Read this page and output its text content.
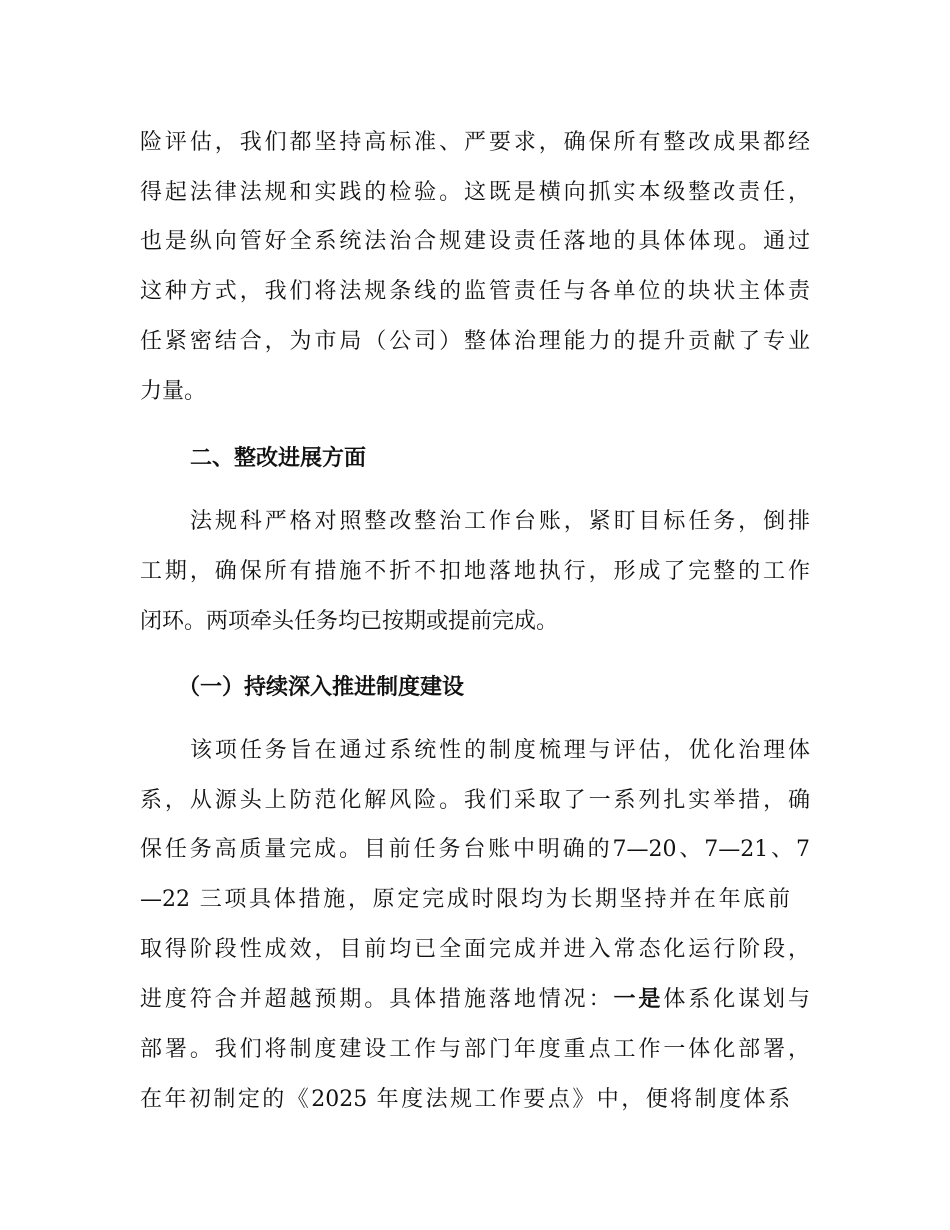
险评估，我们都坚持高标准、严要求，确保所有整改成果都经
得起法律法规和实践的检验。这既是横向抓实本级整改责任，
也是纵向管好全系统法治合规建设责任落地的具体体现。通过
这种方式，我们将法规条线的监管责任与各单位的块状主体责
任紧密结合，为市局（公司）整体治理能力的提升贡献了专业
力量。
二、整改进展方面
法规科严格对照整改整治工作台账，紧盯目标任务，倒排
工期，确保所有措施不折不扣地落地执行，形成了完整的工作
闭环。两项牵头任务均已按期或提前完成。
（一）持续深入推进制度建设
该项任务旨在通过系统性的制度梳理与评估，优化治理体
系，从源头上防范化解风险。我们采取了一系列扎实举措，确
保任务高质量完成。目前任务台账中明确的7—20、7—21、7
—22 三项具体措施，原定完成时限均为长期坚持并在年底前
取得阶段性成效，目前均已全面完成并进入常态化运行阶段，
进度符合并超越预期。具体措施落地情况：一是体系化谋划与
部署。我们将制度建设工作与部门年度重点工作一体化部署，
在年初制定的《2025 年度法规工作要点》中，便将制度体系
